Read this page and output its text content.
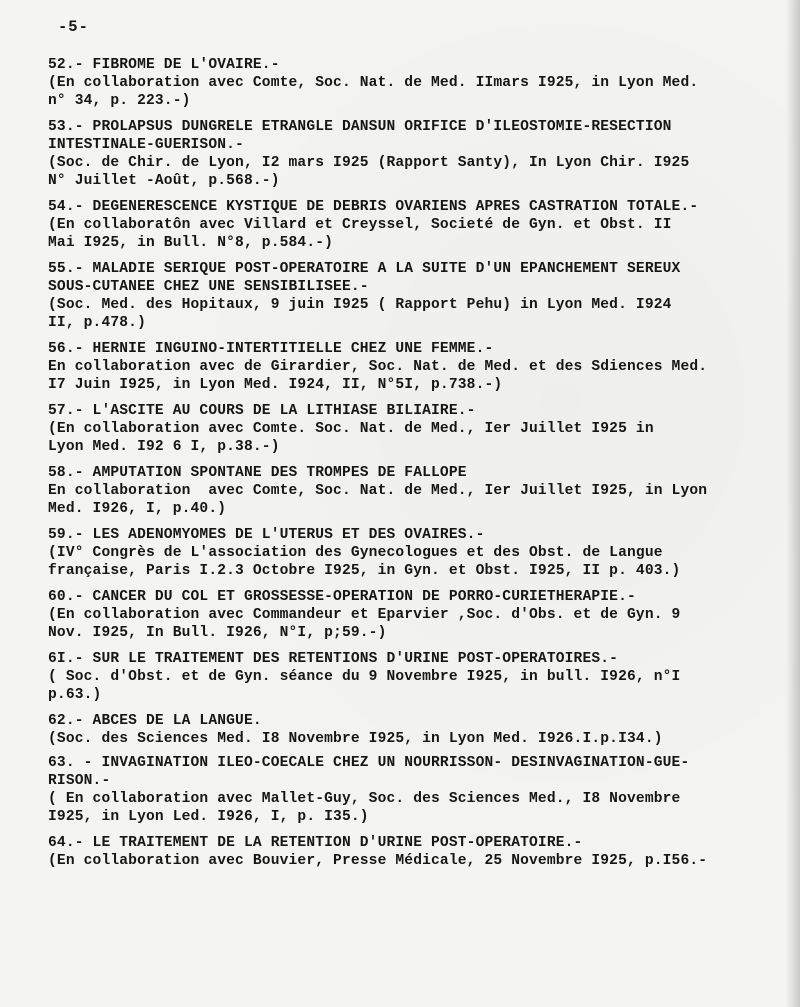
-5-
52.- FIBROME DE L'OVAIRE.-
(En collaboration avec Comte, Soc. Nat. de Med. IImars I925, in Lyon Med.
n° 34, p. 223.-)
53.- PROLAPSUS DUNGRELE ETRANGLE DANSUN ORIFICE D'ILEOSTOMIE-RESECTION
INTESTINALE-GUERISON.-
(Soc. de Chir. de Lyon, I2 mars I925 (Rapport Santy), In Lyon Chir. I925
N° Juillet -Août, p.568.-)
54.- DEGENERESCENCE KYSTIQUE DE DEBRIS OVARIENS APRES CASTRATION TOTALE.-
(En collaboratôn avec Villard et Creyssel, Societé de Gyn. et Obst. II
Mai I925, in Bull. N°8, p.584.-)
55.- MALADIE SERIQUE POST-OPERATOIRE A LA SUITE D'UN EPANCHEMENT SEREUX
SOUS-CUTANEE CHEZ UNE SENSIBILISEE.-
(Soc. Med. des Hopitaux, 9 juin I925 ( Rapport Pehu) in Lyon Med. I924
II, p.478.)
56.- HERNIE INGUINO-INTERTITIELLE CHEZ UNE FEMME.-
En collaboration avec de Girardier, Soc. Nat. de Med. et des Sdiences Med.
I7 Juin I925, in Lyon Med. I924, II, N°5I, p.738.-)
57.- L'ASCITE AU COURS DE LA LITHIASE BILIAIRE.-
(En collaboration avec Comte. Soc. Nat. de Med., Ier Juillet I925 in
Lyon Med. I92 6 I, p.38.-)
58.- AMPUTATION SPONTANE DES TROMPES DE FALLOPE
En collaboration  avec Comte, Soc. Nat. de Med., Ier Juillet I925, in Lyon
Med. I926, I, p.40.)
59.- LES ADENOMYOMES DE L'UTERUS ET DES OVAIRES.-
(IV° Congrès de L'association des Gynecologues et des Obst. de Langue
française, Paris I.2.3 Octobre I925, in Gyn. et Obst. I925, II p. 403.)
60.- CANCER DU COL ET GROSSESSE-OPERATION DE PORRO-CURIETHERAPIE.-
(En collaboration avec Commandeur et Eparvier ,Soc. d'Obs. et de Gyn. 9
Nov. I925, In Bull. I926, N°I, p;59.-)
6I.- SUR LE TRAITEMENT DES RETENTIONS D'URINE POST-OPERATOIRES.-
( Soc. d'Obst. et de Gyn. séance du 9 Novembre I925, in bull. I926, n°I
p.63.)
62.- ABCES DE LA LANGUE.
(Soc. des Sciences Med. I8 Novembre I925, in Lyon Med. I926.I.p.I34.)
63. - INVAGINATION ILEO-COECALE CHEZ UN NOURRISSON- DESINVAGINATION-GUE-
RISON.-
( En collaboration avec Mallet-Guy, Soc. des Sciences Med., I8 Novembre
I925, in Lyon Led. I926, I, p. I35.)
64.- LE TRAITEMENT DE LA RETENTION D'URINE POST-OPERATOIRE.-
(En collaboration avec Bouvier, Presse Médicale, 25 Novembre I925, p.I56.-
